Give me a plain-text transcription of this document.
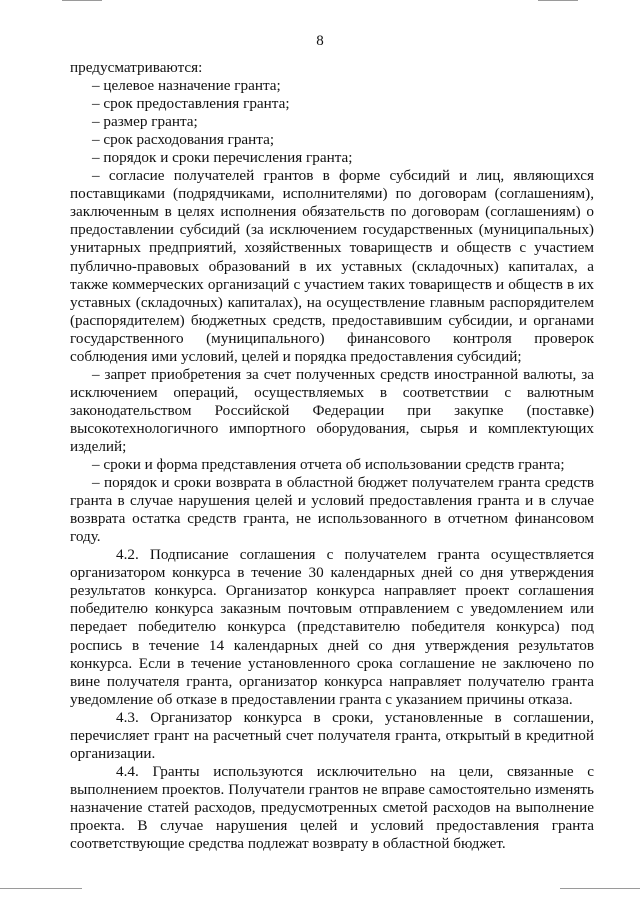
8

предусматриваются:

– целевое назначение гранта;

– срок предоставления гранта;

– размер гранта;

– срок расходования гранта;

– порядок и сроки перечисления гранта;

– согласие получателей грантов в форме субсидий и лиц, являющихся поставщиками (подрядчиками, исполнителями) по договорам (соглашениям), заключенным в целях исполнения обязательств по договорам (соглашениям) о предоставлении субсидий (за исключением государственных (муниципальных) унитарных предприятий, хозяйственных товариществ и обществ с участием публично-правовых образований в их уставных (складочных) капиталах, а также коммерческих организаций с участием таких товариществ и обществ в их уставных (складочных) капиталах), на осуществление главным распорядителем (распорядителем) бюджетных средств, предоставившим субсидии, и органами государственного (муниципального) финансового контроля проверок соблюдения ими условий, целей и порядка предоставления субсидий;

– запрет приобретения за счет полученных средств иностранной валюты, за исключением операций, осуществляемых в соответствии с валютным законодательством Российской Федерации при закупке (поставке) высокотехнологичного импортного оборудования, сырья и комплектующих изделий;

– сроки и форма представления отчета об использовании средств гранта;

– порядок и сроки возврата в областной бюджет получателем гранта средств гранта в случае нарушения целей и условий предоставления гранта и в случае возврата остатка средств гранта, не использованного в отчетном финансовом году.

4.2. Подписание соглашения с получателем гранта осуществляется организатором конкурса в течение 30 календарных дней со дня утверждения результатов конкурса. Организатор конкурса направляет проект соглашения победителю конкурса заказным почтовым отправлением с уведомлением или передает победителю конкурса (представителю победителя конкурса) под роспись в течение 14 календарных дней со дня утверждения результатов конкурса. Если в течение установленного срока соглашение не заключено по вине получателя гранта, организатор конкурса направляет получателю гранта уведомление об отказе в предоставлении гранта с указанием причины отказа.

4.3. Организатор конкурса в сроки, установленные в соглашении, перечисляет грант на расчетный счет получателя гранта, открытый в кредитной организации.

4.4. Гранты используются исключительно на цели, связанные с выполнением проектов. Получатели грантов не вправе самостоятельно изменять назначение статей расходов, предусмотренных сметой расходов на выполнение проекта. В случае нарушения целей и условий предоставления гранта соответствующие средства подлежат возврату в областной бюджет.
